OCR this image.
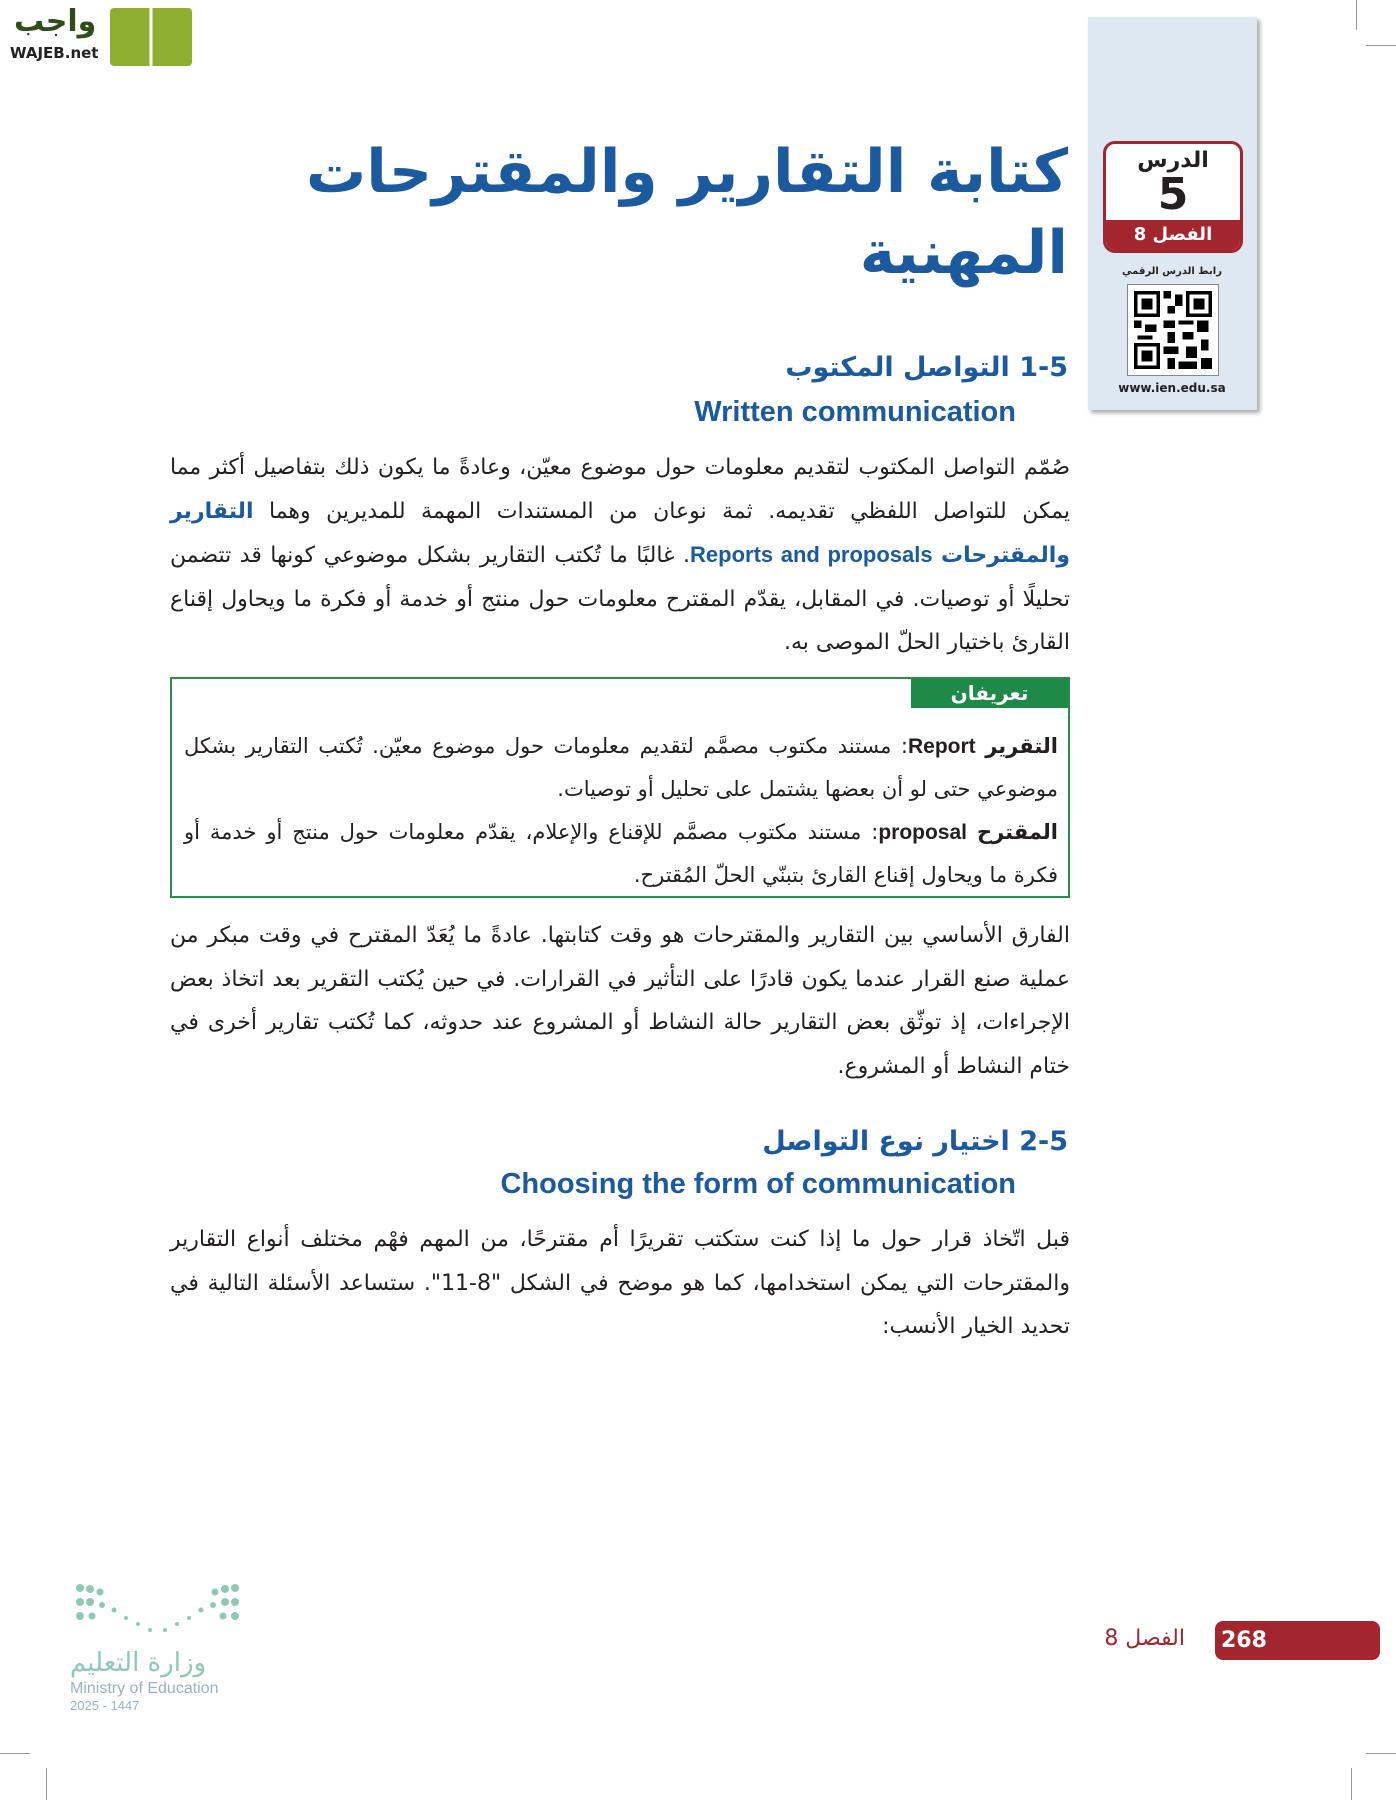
واجب
WAJEB.net
الدرس
5
الفصل 8
رابط الدرس الرقمي
www.ien.edu.sa
كتابة التقارير والمقترحات
المهنية
1-5 التواصل المكتوب
Written communication
صُمّم التواصل المكتوب لتقديم معلومات حول موضوع معيّن، وعادةً ما يكون ذلك بتفاصيل أكثر مما يمكن للتواصل اللفظي تقديمه. ثمة نوعان من المستندات المهمة للمديرين وهما التقارير والمقترحات Reports and proposals. غالبًا ما تُكتب التقارير بشكل موضوعي كونها قد تتضمن تحليلًا أو توصيات. في المقابل، يقدّم المقترح معلومات حول منتج أو خدمة أو فكرة ما ويحاول إقناع القارئ باختيار الحلّ الموصى به.
تعريفان
التقرير Report: مستند مكتوب مصمَّم لتقديم معلومات حول موضوع معيّن. تُكتب التقارير بشكل موضوعي حتى لو أن بعضها يشتمل على تحليل أو توصيات.
المقترح proposal: مستند مكتوب مصمَّم للإقناع والإعلام، يقدّم معلومات حول منتج أو خدمة أو فكرة ما ويحاول إقناع القارئ بتبنّي الحلّ المُقترح.
الفارق الأساسي بين التقارير والمقترحات هو وقت كتابتها. عادةً ما يُعَدّ المقترح في وقت مبكر من عملية صنع القرار عندما يكون قادرًا على التأثير في القرارات. في حين يُكتب التقرير بعد اتخاذ بعض الإجراءات، إذ توثّق بعض التقارير حالة النشاط أو المشروع عند حدوثه، كما تُكتب تقارير أخرى في ختام النشاط أو المشروع.
2-5 اختيار نوع التواصل
Choosing the form of communication
قبل اتّخاذ قرار حول ما إذا كنت ستكتب تقريرًا أم مقترحًا، من المهم فهْم مختلف أنواع التقارير والمقترحات التي يمكن استخدامها، كما هو موضح في الشكل "8-11". ستساعد الأسئلة التالية في تحديد الخيار الأنسب:
وزارة التعليم
Ministry of Education
2025 - 1447
الفصل 8 268
